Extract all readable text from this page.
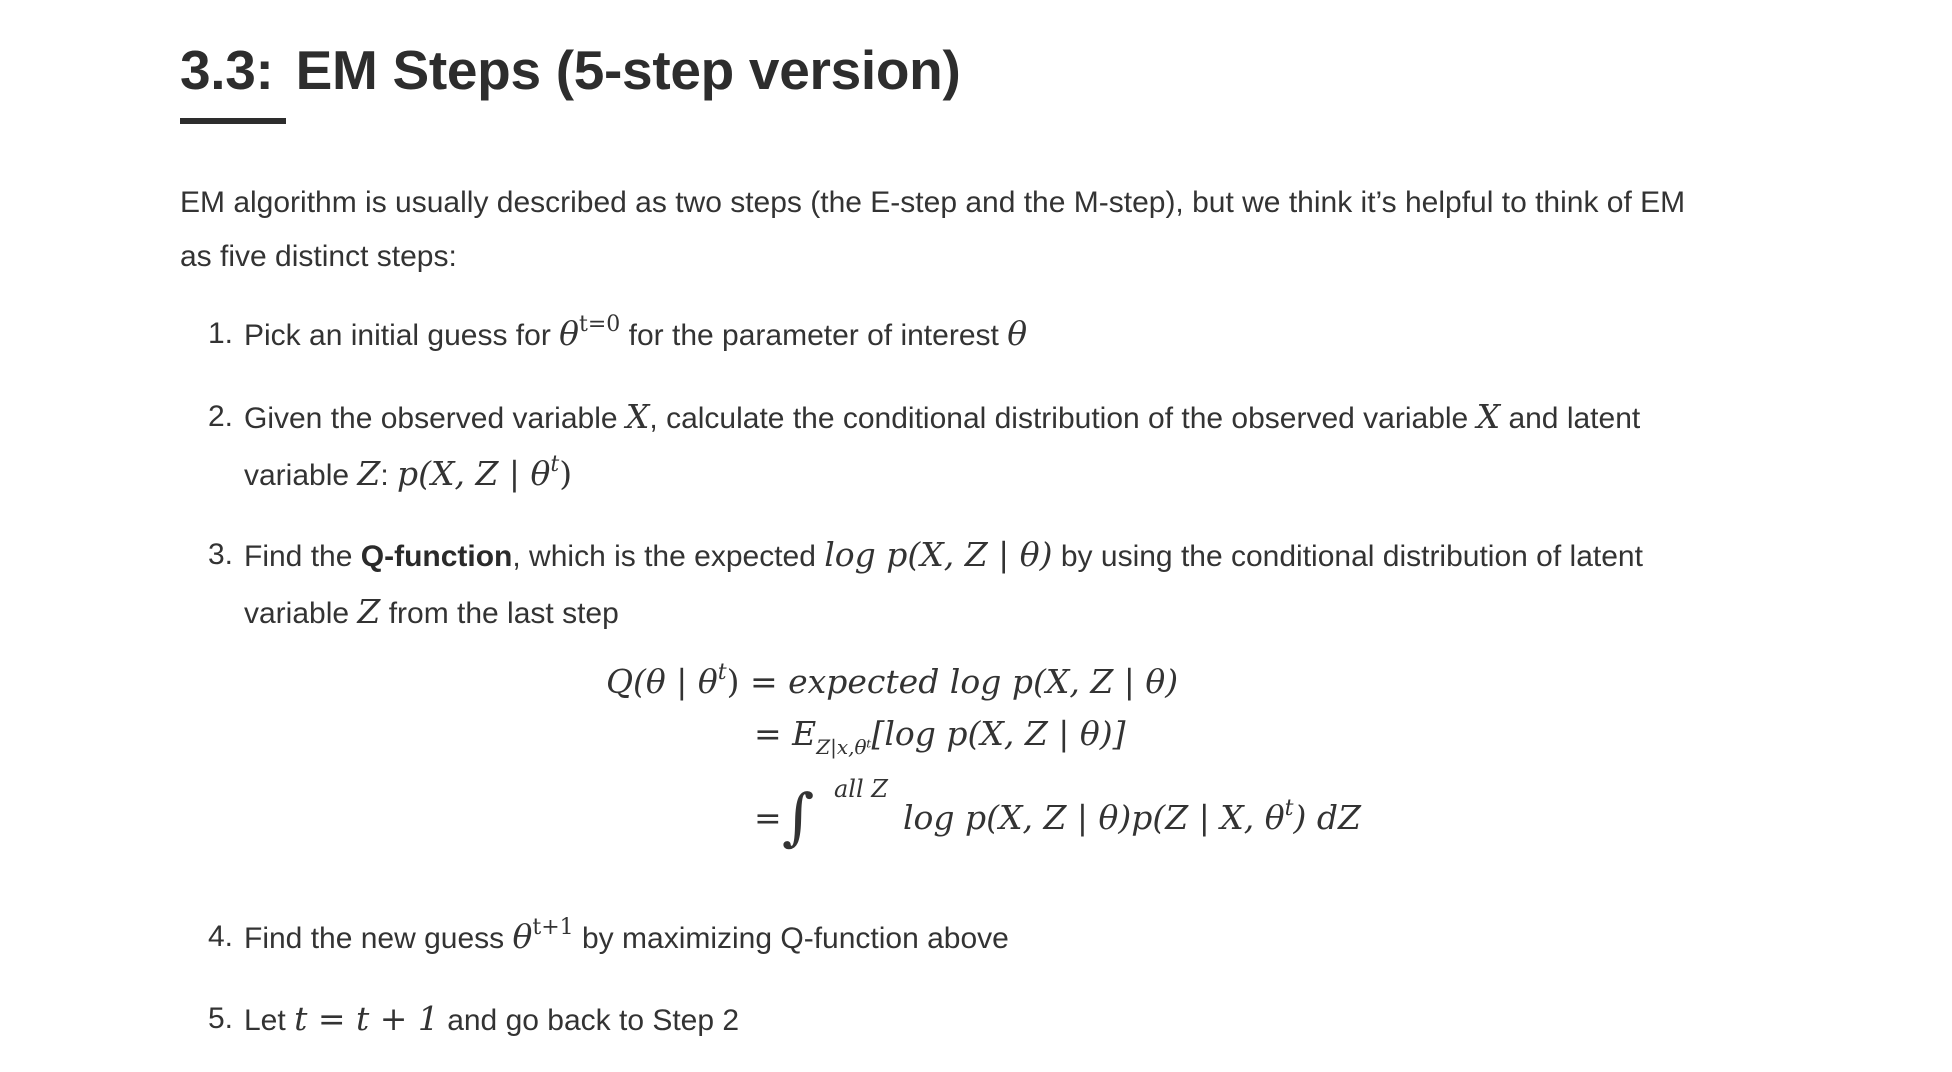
3.3: EM Steps (5-step version)

EM algorithm is usually described as two steps (the E-step and the M-step), but we think it’s helpful to think of EM as five distinct steps:

1. Pick an initial guess for $\theta^{t=0}$ for the parameter of interest θ
2. Given the observed variable X, calculate the conditional distribution of the observed variable X and latent variable Z: p(X, Z | $\theta^t$)
3. Find the Q-function, which is the expected log p(X, Z | θ) by using the conditional distribution of latent variable Z from the last step
4. Find the new guess $\theta^{t+1}$ by maximizing Q-function above
5. Let t = t + 1 and go back to Step 2
Q(θ | $\theta^t$) = expected log p(X, Z | θ)
= $E_{Z|x,\theta ᵗ}[\log$ p(X, Z | θ)]
= ∫ all Z
log p(X, Z | θ)p(Z | X, $\theta^t$) dZ
